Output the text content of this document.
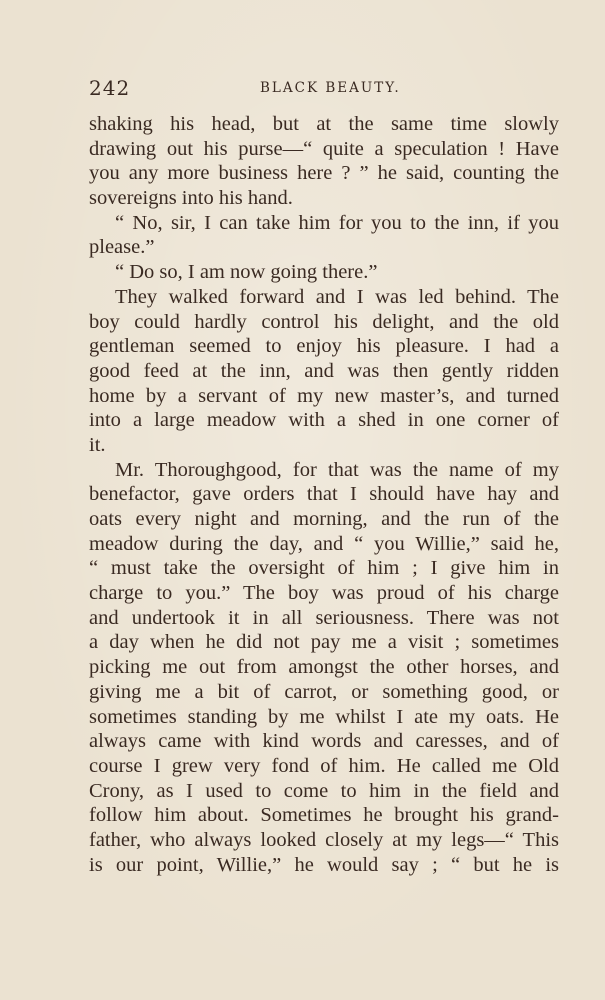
242	BLACK BEAUTY.
shaking his head, but at the same time slowly
drawing out his purse—“ quite a speculation ! Have
you any more business here ? ” he said, counting the
sovereigns into his hand.
“ No, sir, I can take him for you to the inn, if you
please.”
“ Do so, I am now going there.”
They walked forward and I was led behind. The
boy could hardly control his delight, and the old
gentleman seemed to enjoy his pleasure. I had a
good feed at the inn, and was then gently ridden
home by a servant of my new master’s, and turned
into a large meadow with a shed in one corner of
it.
Mr. Thoroughgood, for that was the name of my
benefactor, gave orders that I should have hay and
oats every night and morning, and the run of the
meadow during the day, and “ you Willie,” said he,
“ must take the oversight of him ; I give him in
charge to you.” The boy was proud of his charge
and undertook it in all seriousness. There was not
a day when he did not pay me a visit ; sometimes
picking me out from amongst the other horses, and
giving me a bit of carrot, or something good, or
sometimes standing by me whilst I ate my oats. He
always came with kind words and caresses, and of
course I grew very fond of him. He called me Old
Crony, as I used to come to him in the field and
follow him about. Sometimes he brought his grand-
father, who always looked closely at my legs—“ This
is our point, Willie,” he would say ; “ but he is
